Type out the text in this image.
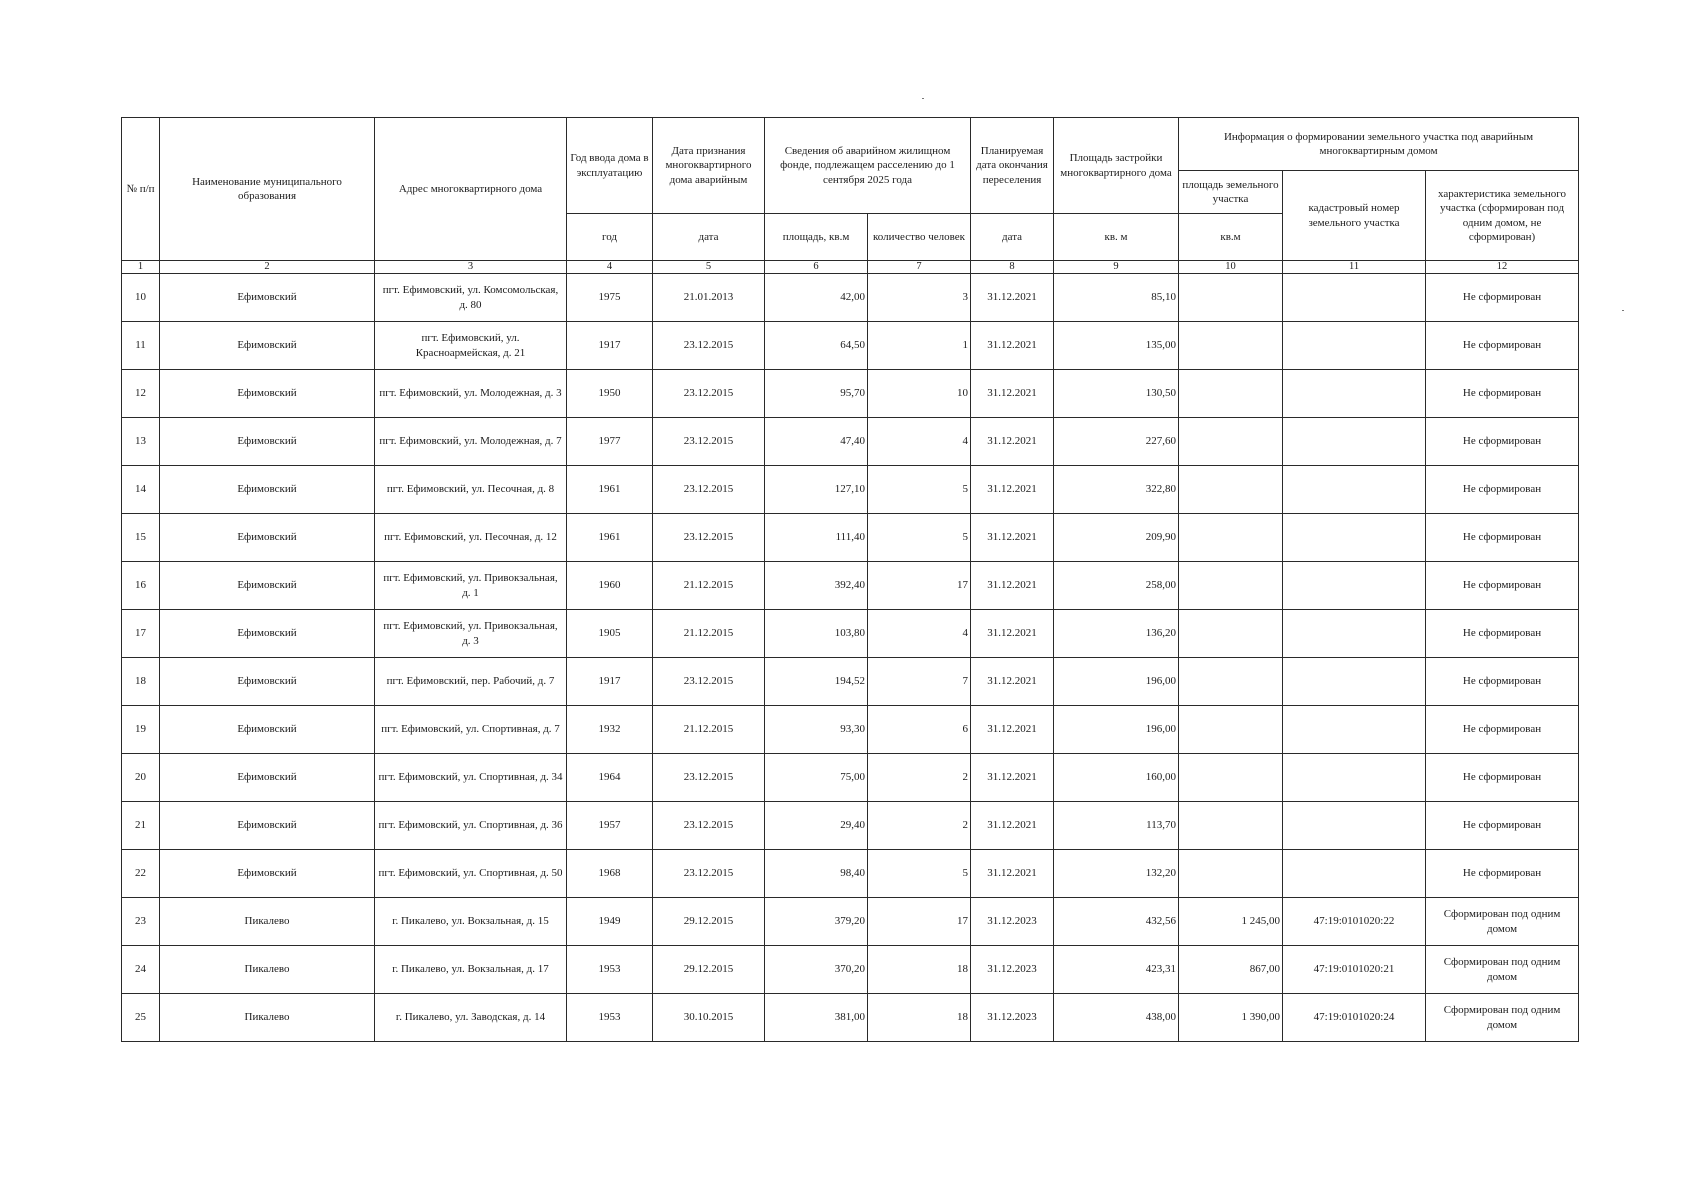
№ п/п	Наименование муниципального образования	Адрес многоквартирного дома	Год ввода дома в эксплуатацию	Дата признания многоквартирного дома аварийным	Сведения об аварийном жилищном фонде, подлежащем расселению до 1 сентября 2025 года		Планируемая дата окончания переселения	Площадь застройки многоквартирного дома	Информация о формировании земельного участка под аварийным многоквартирным домом		
									площадь земельного участка	кадастровый номер земельного участка	характеристика земельного участка (сформирован под одним домом, не сформирован)
			год	дата	площадь, кв.м	количество человек	дата	кв. м	кв.м		
1	2	3	4	5	6	7	8	9	10	11	12
10	Ефимовский	пгт. Ефимовский, ул. Комсомольская, д. 80	1975	21.01.2013	42,00	3	31.12.2021	85,10			Не сформирован
11	Ефимовский	пгт. Ефимовский, ул. Красноармейская, д. 21	1917	23.12.2015	64,50	1	31.12.2021	135,00			Не сформирован
12	Ефимовский	пгт. Ефимовский, ул. Молодежная, д. 3	1950	23.12.2015	95,70	10	31.12.2021	130,50			Не сформирован
13	Ефимовский	пгт. Ефимовский, ул. Молодежная, д. 7	1977	23.12.2015	47,40	4	31.12.2021	227,60			Не сформирован
14	Ефимовский	пгт. Ефимовский, ул. Песочная, д. 8	1961	23.12.2015	127,10	5	31.12.2021	322,80			Не сформирован
15	Ефимовский	пгт. Ефимовский, ул. Песочная, д. 12	1961	23.12.2015	111,40	5	31.12.2021	209,90			Не сформирован
16	Ефимовский	пгт. Ефимовский, ул. Привокзальная, д. 1	1960	21.12.2015	392,40	17	31.12.2021	258,00			Не сформирован
17	Ефимовский	пгт. Ефимовский, ул. Привокзальная, д. 3	1905	21.12.2015	103,80	4	31.12.2021	136,20			Не сформирован
18	Ефимовский	пгт. Ефимовский, пер. Рабочий, д. 7	1917	23.12.2015	194,52	7	31.12.2021	196,00			Не сформирован
19	Ефимовский	пгт. Ефимовский, ул. Спортивная, д. 7	1932	21.12.2015	93,30	6	31.12.2021	196,00			Не сформирован
20	Ефимовский	пгт. Ефимовский, ул. Спортивная, д. 34	1964	23.12.2015	75,00	2	31.12.2021	160,00			Не сформирован
21	Ефимовский	пгт. Ефимовский, ул. Спортивная, д. 36	1957	23.12.2015	29,40	2	31.12.2021	113,70			Не сформирован
22	Ефимовский	пгт. Ефимовский, ул. Спортивная, д. 50	1968	23.12.2015	98,40	5	31.12.2021	132,20			Не сформирован
23	Пикалево	г. Пикалево, ул. Вокзальная, д. 15	1949	29.12.2015	379,20	17	31.12.2023	432,56	1 245,00	47:19:0101020:22	Сформирован под одним домом
24	Пикалево	г. Пикалево, ул. Вокзальная, д. 17	1953	29.12.2015	370,20	18	31.12.2023	423,31	867,00	47:19:0101020:21	Сформирован под одним домом
25	Пикалево	г. Пикалево, ул. Заводская, д. 14	1953	30.10.2015	381,00	18	31.12.2023	438,00	1 390,00	47:19:0101020:24	Сформирован под одним домом
